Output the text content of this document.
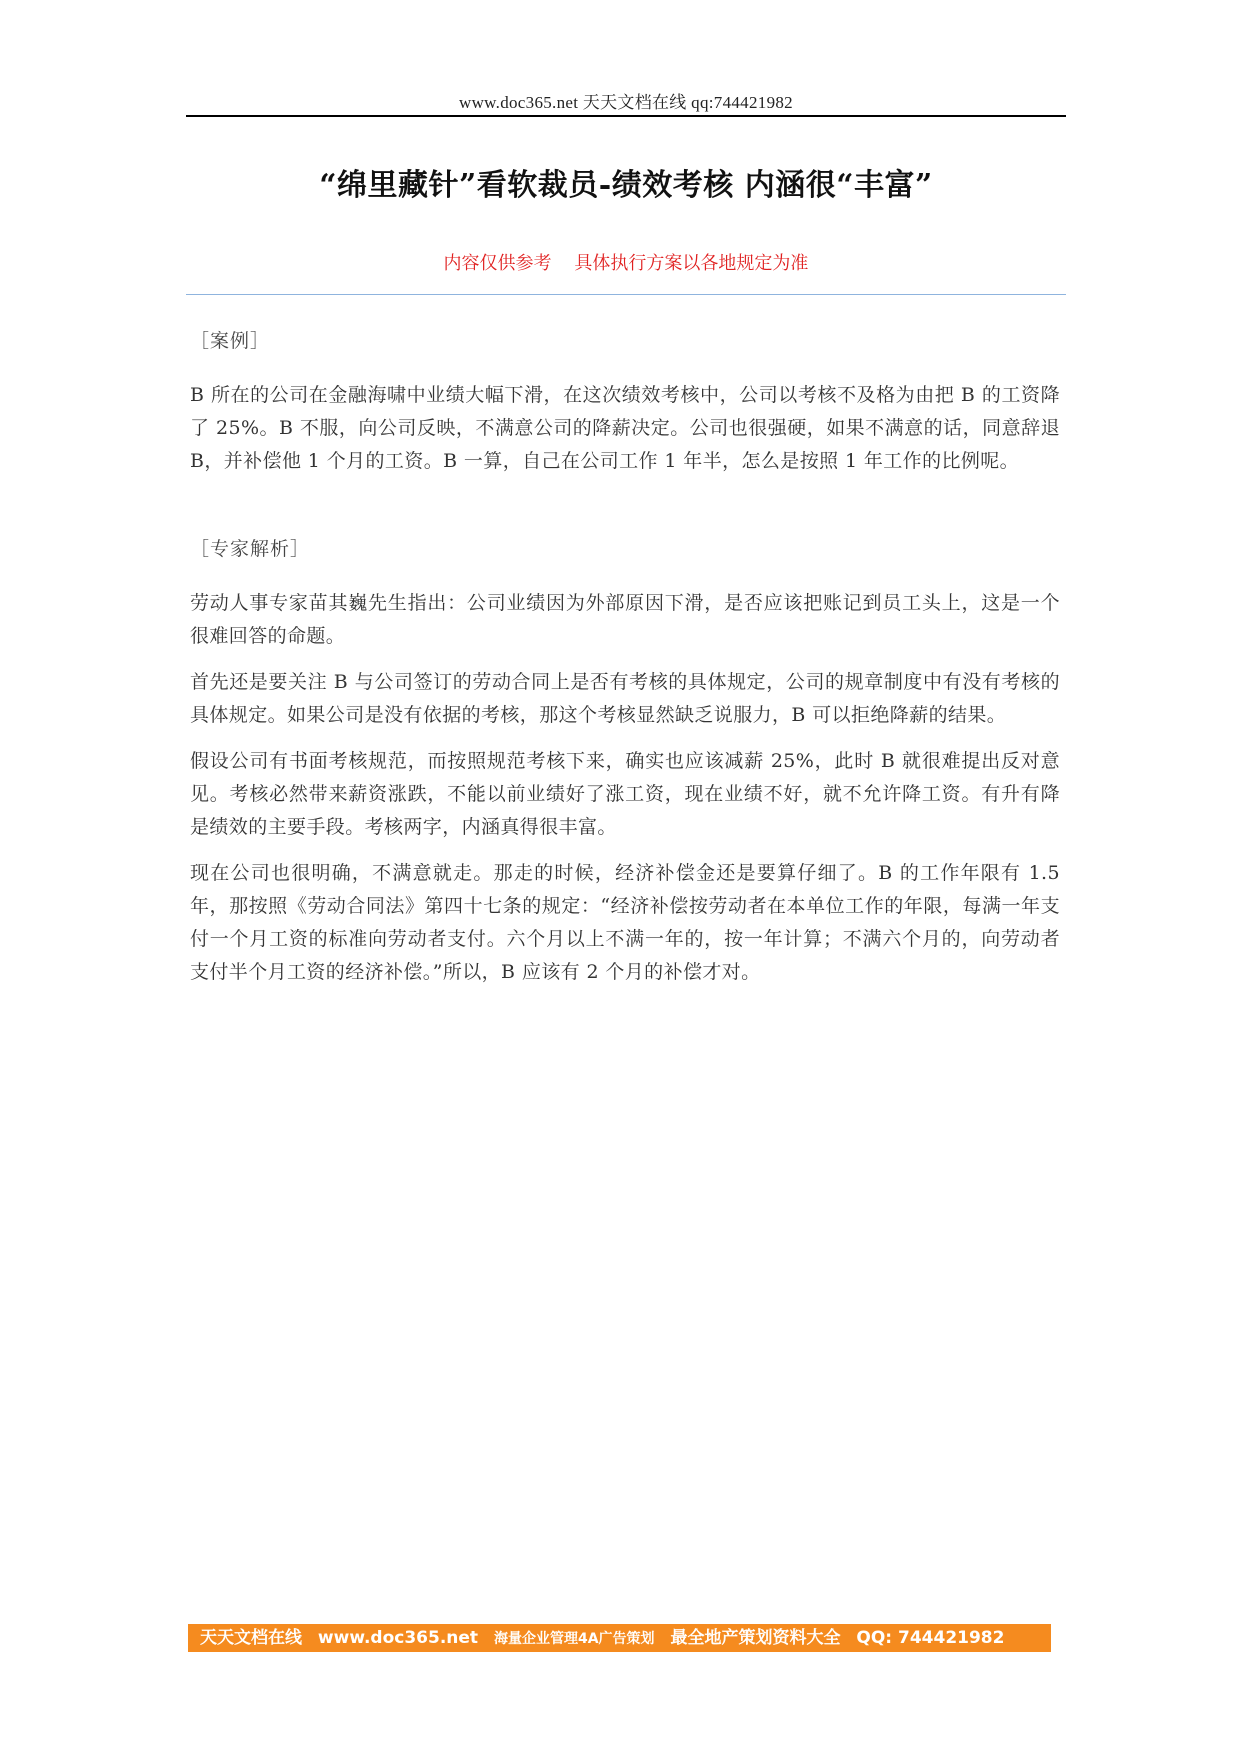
www.doc365.net 天天文档在线 qq:744421982
“绵里藏针”看软裁员-绩效考核 内涵很“丰富”
内容仅供参考    具体执行方案以各地规定为准
［案例］

B 所在的公司在金融海啸中业绩大幅下滑，在这次绩效考核中，公司以考核不及格为由把 B 的工资降了 25%。B 不服，向公司反映，不满意公司的降薪决定。公司也很强硬，如果不满意的话，同意辞退 B，并补偿他 1 个月的工资。B 一算，自己在公司工作 1 年半，怎么是按照 1 年工作的比例呢。

［专家解析］

劳动人事专家苗其巍先生指出：公司业绩因为外部原因下滑，是否应该把账记到员工头上，这是一个很难回答的命题。

首先还是要关注 B 与公司签订的劳动合同上是否有考核的具体规定，公司的规章制度中有没有考核的具体规定。如果公司是没有依据的考核，那这个考核显然缺乏说服力，B 可以拒绝降薪的结果。

假设公司有书面考核规范，而按照规范考核下来，确实也应该减薪 25%，此时 B 就很难提出反对意见。考核必然带来薪资涨跌，不能以前业绩好了涨工资，现在业绩不好，就不允许降工资。有升有降是绩效的主要手段。考核两字，内涵真得很丰富。

现在公司也很明确，不满意就走。那走的时候，经济补偿金还是要算仔细了。B 的工作年限有 1.5 年，那按照《劳动合同法》第四十七条的规定：“经济补偿按劳动者在本单位工作的年限，每满一年支付一个月工资的标准向劳动者支付。六个月以上不满一年的，按一年计算；不满六个月的，向劳动者支付半个月工资的经济补偿。”所以，B 应该有 2 个月的补偿才对。

天天文档在线 www.doc365.net 海量企业管理4A广告策划 最全地产策划资料大全 QQ: 744421982
